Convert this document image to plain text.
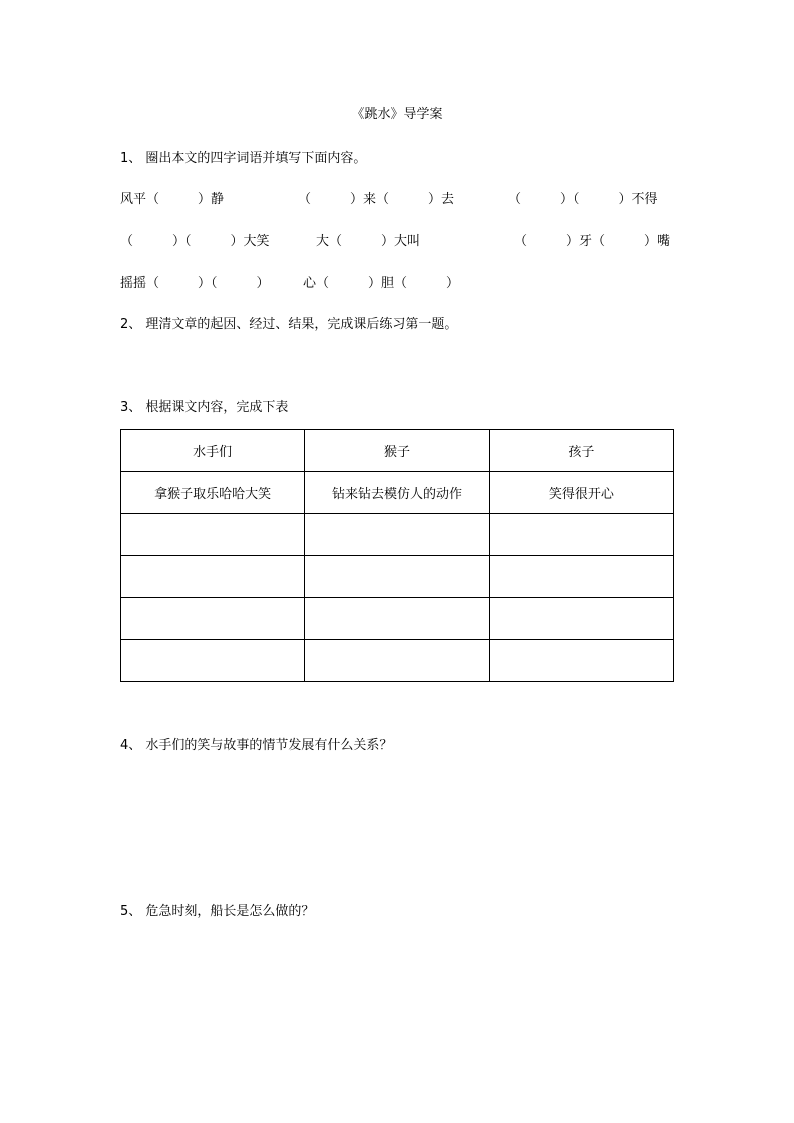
《跳水》导学案
1、 圈出本文的四字词语并填写下面内容。
风平（　　　）静	（　　　）来（　　　）去	（　　　）（　　　）不得
（　　　）（　　　）大笑	大（　　　）大叫	（　　　）牙（　　　）嘴
摇摇（　　　）（　　　）	心（　　　）胆（　　　）
2、 理清文章的起因、经过、结果，完成课后练习第一题。
3、 根据课文内容，完成下表
水手们	猴子	孩子
拿猴子取乐哈哈大笑	钻来钻去模仿人的动作	笑得很开心

4、 水手们的笑与故事的情节发展有什么关系？
5、 危急时刻，船长是怎么做的？
